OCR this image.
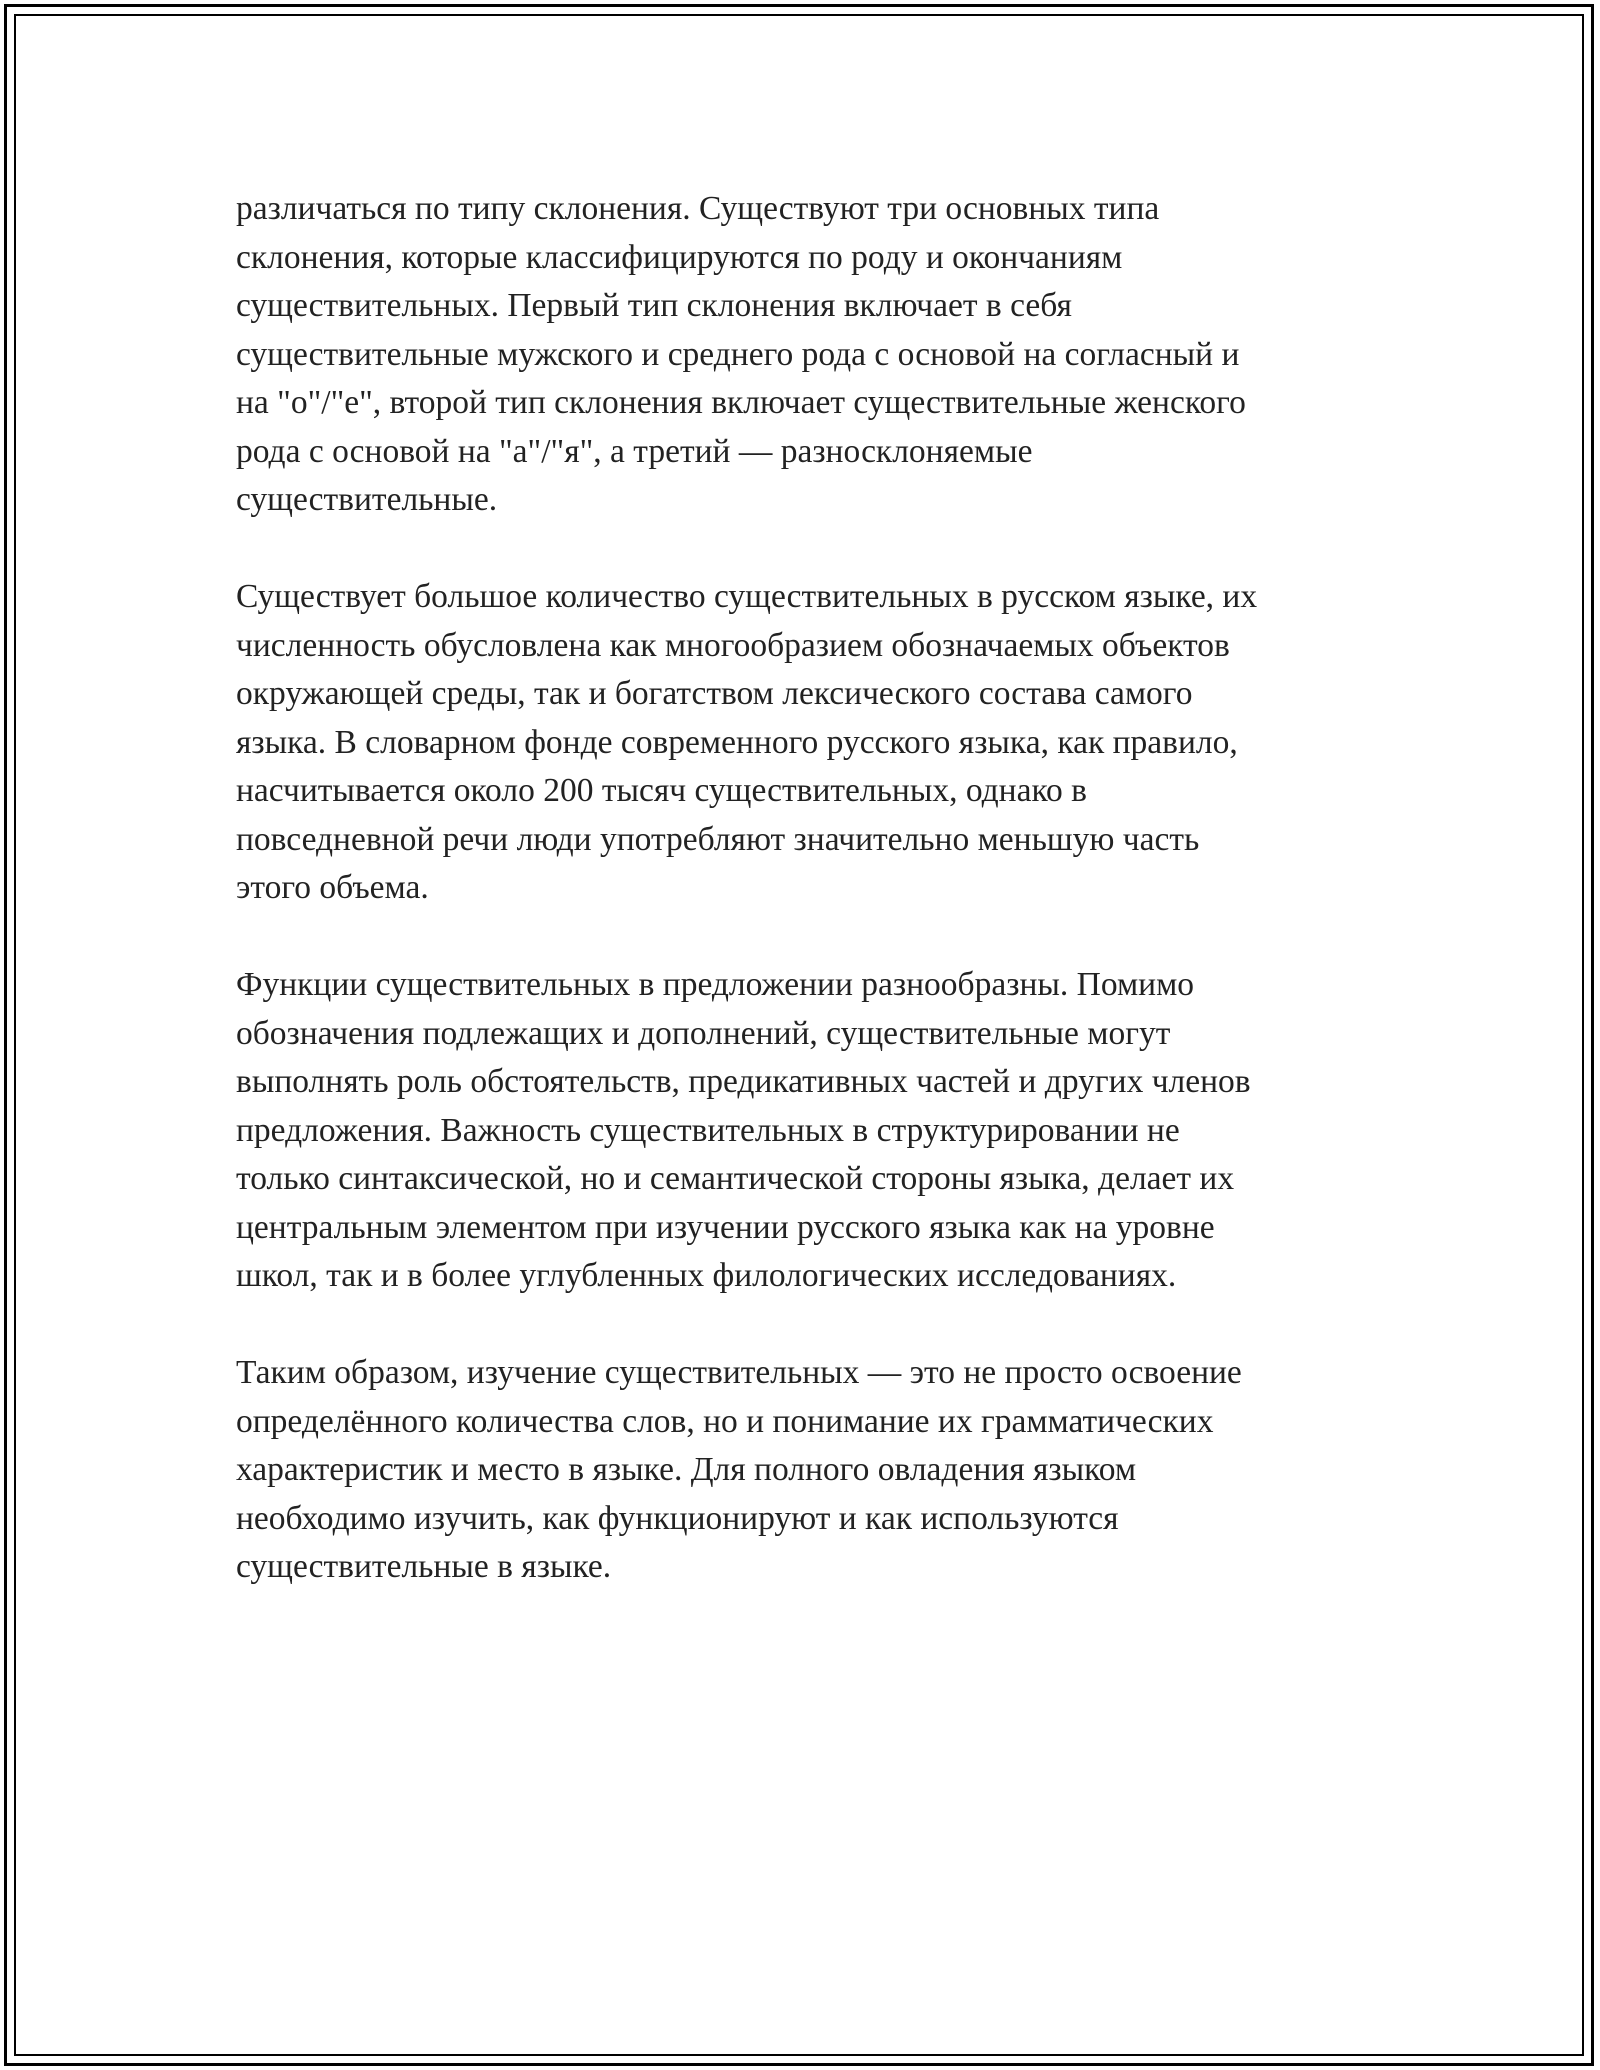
различаться по типу склонения. Существуют три основных типа
склонения, которые классифицируются по роду и окончаниям
существительных. Первый тип склонения включает в себя
существительные мужского и среднего рода с основой на согласный и
на "о"/"е", второй тип склонения включает существительные женского
рода с основой на "а"/"я", а третий — разносклоняемые
существительные.

Существует большое количество существительных в русском языке, их
численность обусловлена как многообразием обозначаемых объектов
окружающей среды, так и богатством лексического состава самого
языка. В словарном фонде современного русского языка, как правило,
насчитывается около 200 тысяч существительных, однако в
повседневной речи люди употребляют значительно меньшую часть
этого объема.

Функции существительных в предложении разнообразны. Помимо
обозначения подлежащих и дополнений, существительные могут
выполнять роль обстоятельств, предикативных частей и других членов
предложения. Важность существительных в структурировании не
только синтаксической, но и семантической стороны языка, делает их
центральным элементом при изучении русского языка как на уровне
школ, так и в более углубленных филологических исследованиях.

Таким образом, изучение существительных — это не просто освоение
определённого количества слов, но и понимание их грамматических
характеристик и место в языке. Для полного овладения языком
необходимо изучить, как функционируют и как используются
существительные в языке.
